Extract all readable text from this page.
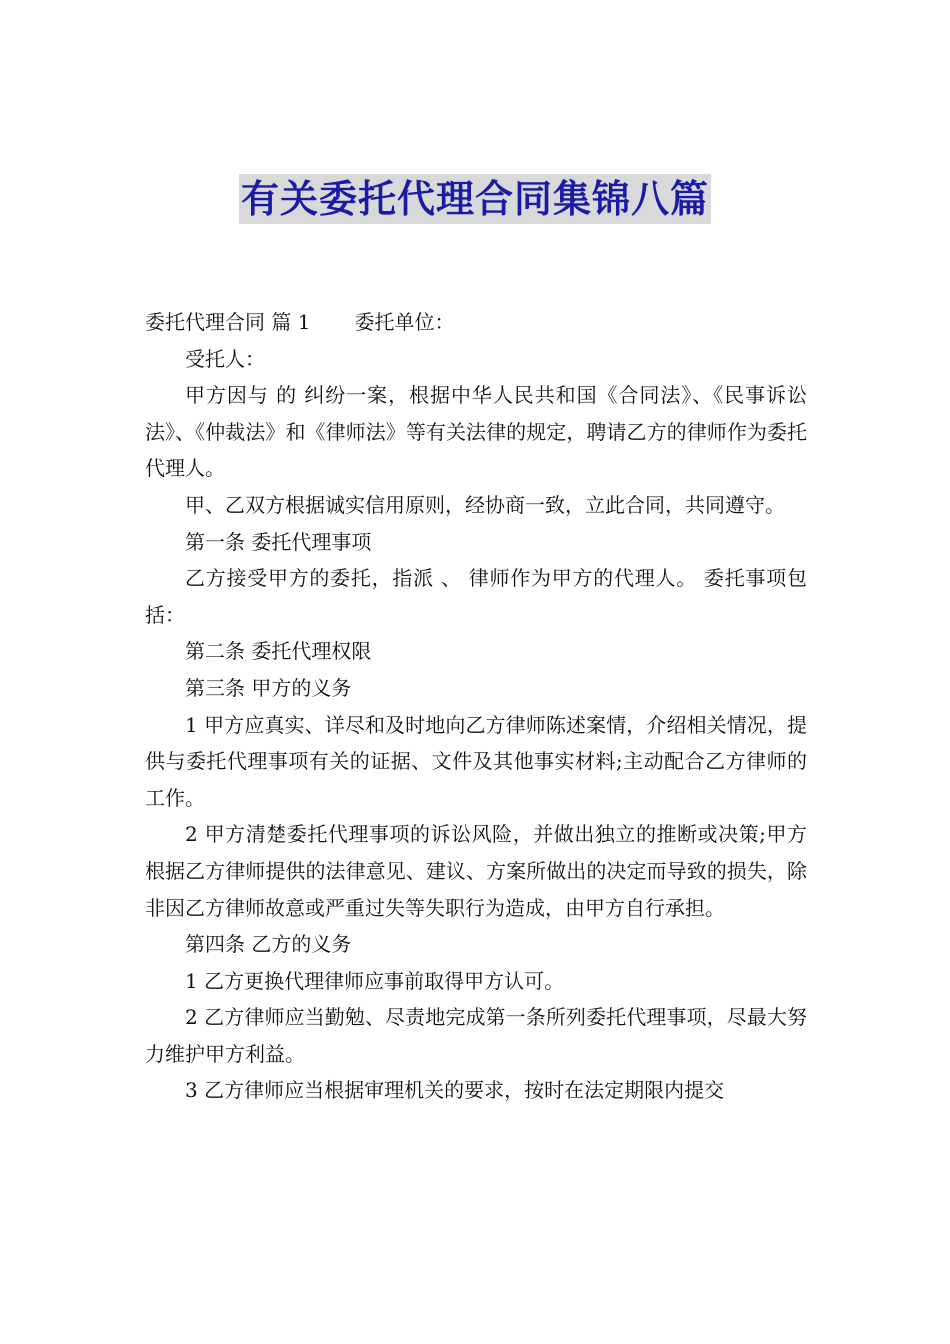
有关委托代理合同集锦八篇

委托代理合同 篇 1 委托单位：

受托人：

甲方因与 的 纠纷一案，根据中华人民共和国《合同法》、《民事诉讼法》、《仲裁法》和《律师法》等有关法律的规定，聘请乙方的律师作为委托代理人。

甲、乙双方根据诚实信用原则，经协商一致，立此合同，共同遵守。

第一条 委托代理事项

乙方接受甲方的委托，指派 、 律师作为甲方的代理人。 委托事项包括：

第二条 委托代理权限

第三条 甲方的义务

1 甲方应真实、详尽和及时地向乙方律师陈述案情，介绍相关情况，提供与委托代理事项有关的证据、文件及其他事实材料;主动配合乙方律师的工作。

2 甲方清楚委托代理事项的诉讼风险，并做出独立的推断或决策;甲方根据乙方律师提供的法律意见、建议、方案所做出的决定而导致的损失，除非因乙方律师故意或严重过失等失职行为造成，由甲方自行承担。

第四条 乙方的义务

1 乙方更换代理律师应事前取得甲方认可。

2 乙方律师应当勤勉、尽责地完成第一条所列委托代理事项，尽最大努力维护甲方利益。

3 乙方律师应当根据审理机关的要求，按时在法定期限内提交
